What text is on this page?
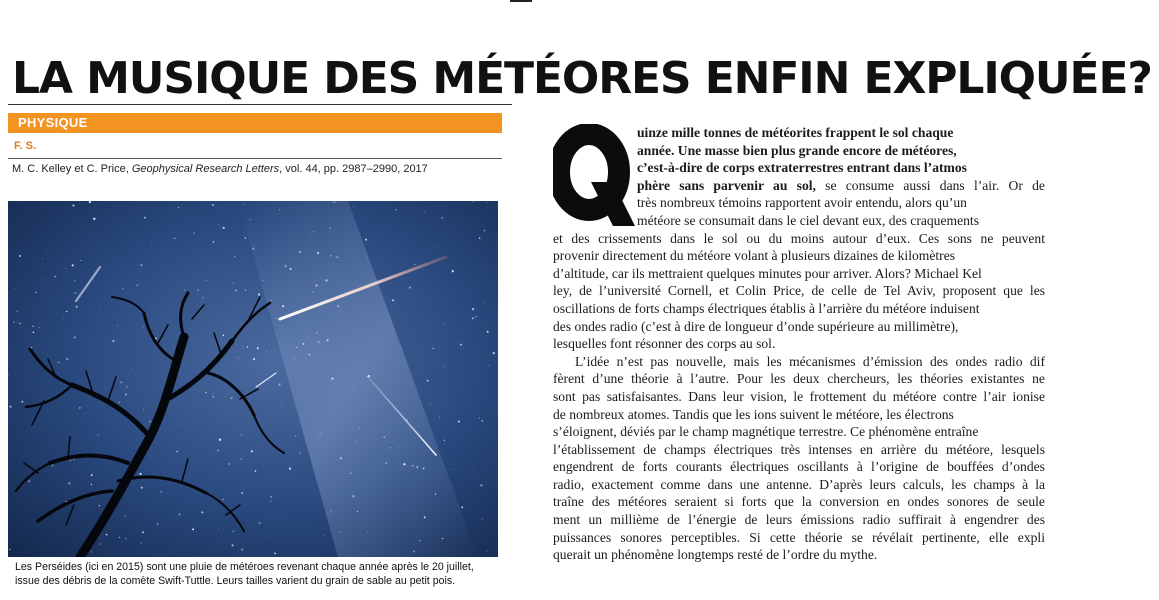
LA MUSIQUE DES MÉTÉORES ENFIN EXPLIQUÉE?
PHYSIQUE
F. S.
M. C. Kelley et C. Price, Geophysical Research Letters, vol. 44, pp. 2987–2990, 2017
Les Perséides (ici en 2015) sont une pluie de météroes revenant chaque année après le 20 juillet,
issue des débris de la comète Swift-Tuttle. Leurs tailles varient du grain de sable au petit pois.
Q

uinze mille tonnes de météorites frappent le sol chaque
année. Une masse bien plus grande encore de météores,
c’est-à-dire de corps extraterrestres entrant dans l’atmos
phère sans parvenir au sol, se consume aussi dans l’air. Or de
très nombreux témoins rapportent avoir entendu, alors qu’un
météore se consumait dans le ciel devant eux, des craquements
et des crissements dans le sol ou du moins autour d’eux. Ces sons ne peuvent
provenir directement du météore volant à plusieurs dizaines de kilomètres
d’altitude, car ils mettraient quelques minutes pour arriver. Alors? Michael Kel
ley, de l’université Cornell, et Colin Price, de celle de Tel Aviv, proposent que les
oscillations de forts champs électriques établis à l’arrière du météore induisent
des ondes radio (c’est à dire de longueur d’onde supérieure au millimètre),
lesquelles font résonner des corps au sol.

L’idée n’est pas nouvelle, mais les mécanismes d’émission des ondes radio dif
fèrent d’une théorie à l’autre. Pour les deux chercheurs, les théories existantes ne
sont pas satisfaisantes. Dans leur vision, le frottement du météore contre l’air ionise
de nombreux atomes. Tandis que les ions suivent le météore, les électrons
s’éloignent, déviés par le champ magnétique terrestre. Ce phénomène entraîne
l’établissement de champs électriques très intenses en arrière du météore, lesquels
engendrent de forts courants électriques oscillants à l’origine de bouffées d’ondes
radio, exactement comme dans une antenne. D’après leurs calculs, les champs à la
traîne des météores seraient si forts que la conversion en ondes sonores de seule
ment un millième de l’énergie de leurs émissions radio suffirait à engendrer des
puissances sonores perceptibles. Si cette théorie se révélait pertinente, elle expli
querait un phénomène longtemps resté de l’ordre du mythe.
